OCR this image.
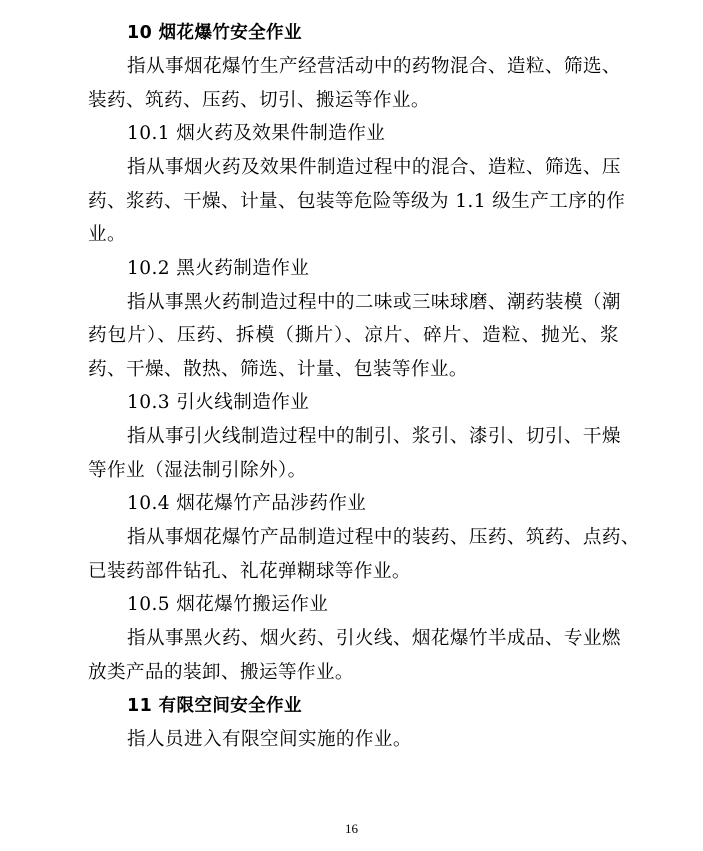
10 烟花爆竹安全作业
指从事烟花爆竹生产经营活动中的药物混合、造粒、筛选、
装药、筑药、压药、切引、搬运等作业。
10.1 烟火药及效果件制造作业
指从事烟火药及效果件制造过程中的混合、造粒、筛选、压
药、浆药、干燥、计量、包装等危险等级为 1.1 级生产工序的作
业。
10.2 黑火药制造作业
指从事黑火药制造过程中的二味或三味球磨、潮药装模（潮
药包片）、压药、拆模（撕片）、凉片、碎片、造粒、抛光、浆
药、干燥、散热、筛选、计量、包装等作业。
10.3 引火线制造作业
指从事引火线制造过程中的制引、浆引、漆引、切引、干燥
等作业（湿法制引除外）。
10.4 烟花爆竹产品涉药作业
指从事烟花爆竹产品制造过程中的装药、压药、筑药、点药、
已装药部件钻孔、礼花弹糊球等作业。
10.5 烟花爆竹搬运作业
指从事黑火药、烟火药、引火线、烟花爆竹半成品、专业燃
放类产品的装卸、搬运等作业。
11 有限空间安全作业
指人员进入有限空间实施的作业。
16
